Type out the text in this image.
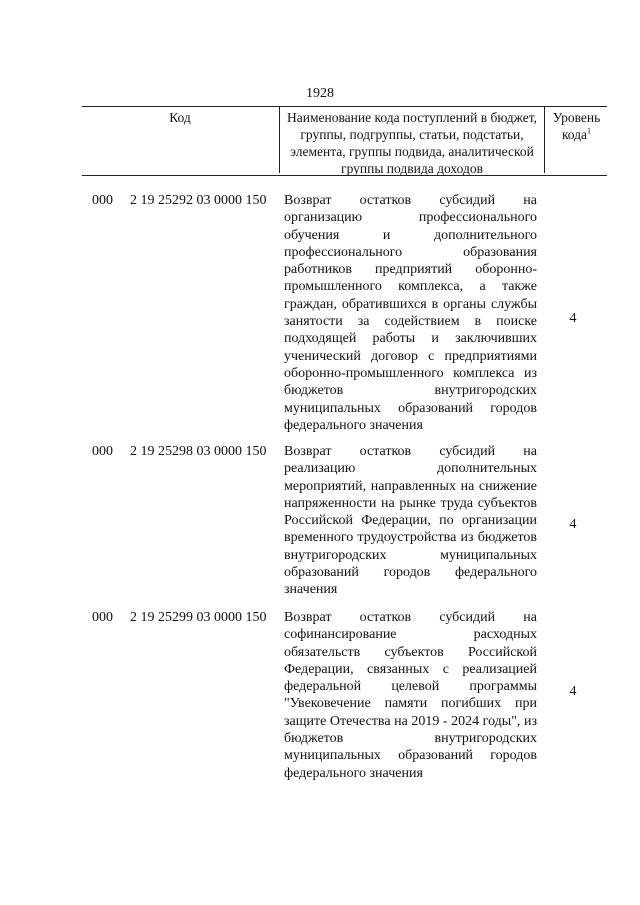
1928
Код	Наименование кода поступлений в бюджет, группы, подгруппы, статьи, подстатьи, элемента, группы подвида, аналитической группы подвида доходов
Уровень кода$^1$
000 2 19 25292 03 0000 150 Возврат остатков субсидий на организацию профессионального обучения и дополнительного профессионального образования работников предприятий оборонно-промышленного комплекса, а также граждан, обратившихся в органы службы занятости за содействием в поиске подходящей работы и заключивших ученический договор с предприятиями оборонно-промышленного комплекса из бюджетов внутригородских муниципальных образований городов федерального значения
4
000 2 19 25298 03 0000 150 Возврат остатков субсидий на реализацию дополнительных мероприятий, направленных на снижение напряженности на рынке труда субъектов Российской Федерации, по организации временного трудоустройства из бюджетов внутригородских муниципальных образований городов федерального значения
4
000 2 19 25299 03 0000 150 Возврат остатков субсидий на софинансирование расходных обязательств субъектов Российской Федерации, связанных с реализацией федеральной целевой программы "Увековечение памяти погибших при защите Отечества на 2019 - 2024 годы", из бюджетов внутригородских муниципальных образований городов федерального значения
4
